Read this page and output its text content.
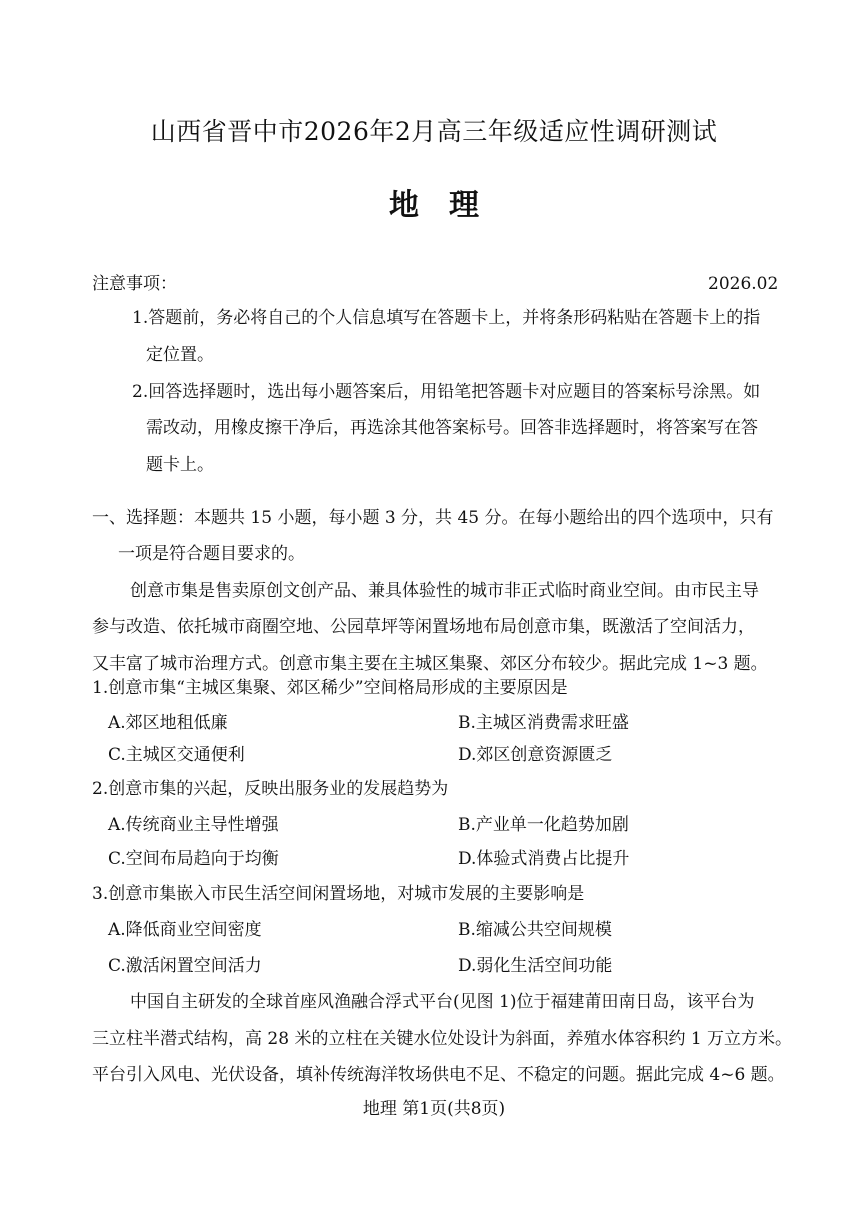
山西省晋中市2026年2月高三年级适应性调研测试
地理
注意事项：	2026.02
1.答题前，务必将自己的个人信息填写在答题卡上，并将条形码粘贴在答题卡上的指
定位置。
2.回答选择题时，选出每小题答案后，用铅笔把答题卡对应题目的答案标号涂黑。如
需改动，用橡皮擦干净后，再选涂其他答案标号。回答非选择题时，将答案写在答
题卡上。
一、选择题：本题共 15 小题，每小题 3 分，共 45 分。在每小题给出的四个选项中，只有
一项是符合题目要求的。
创意市集是售卖原创文创产品、兼具体验性的城市非正式临时商业空间。由市民主导
参与改造、依托城市商圈空地、公园草坪等闲置场地布局创意市集，既激活了空间活力，
又丰富了城市治理方式。创意市集主要在主城区集聚、郊区分布较少。据此完成 1~3 题。
1.创意市集“主城区集聚、郊区稀少”空间格局形成的主要原因是
A.郊区地租低廉	B.主城区消费需求旺盛
C.主城区交通便利	D.郊区创意资源匮乏
2.创意市集的兴起，反映出服务业的发展趋势为
A.传统商业主导性增强	B.产业单一化趋势加剧
C.空间布局趋向于均衡	D.体验式消费占比提升
3.创意市集嵌入市民生活空间闲置场地，对城市发展的主要影响是
A.降低商业空间密度	B.缩减公共空间规模
C.激活闲置空间活力	D.弱化生活空间功能
中国自主研发的全球首座风渔融合浮式平台(见图 1)位于福建莆田南日岛，该平台为
三立柱半潜式结构，高 28 米的立柱在关键水位处设计为斜面，养殖水体容积约 1 万立方米。
平台引入风电、光伏设备，填补传统海洋牧场供电不足、不稳定的问题。据此完成 4~6 题。
地理 第1页(共8页)
